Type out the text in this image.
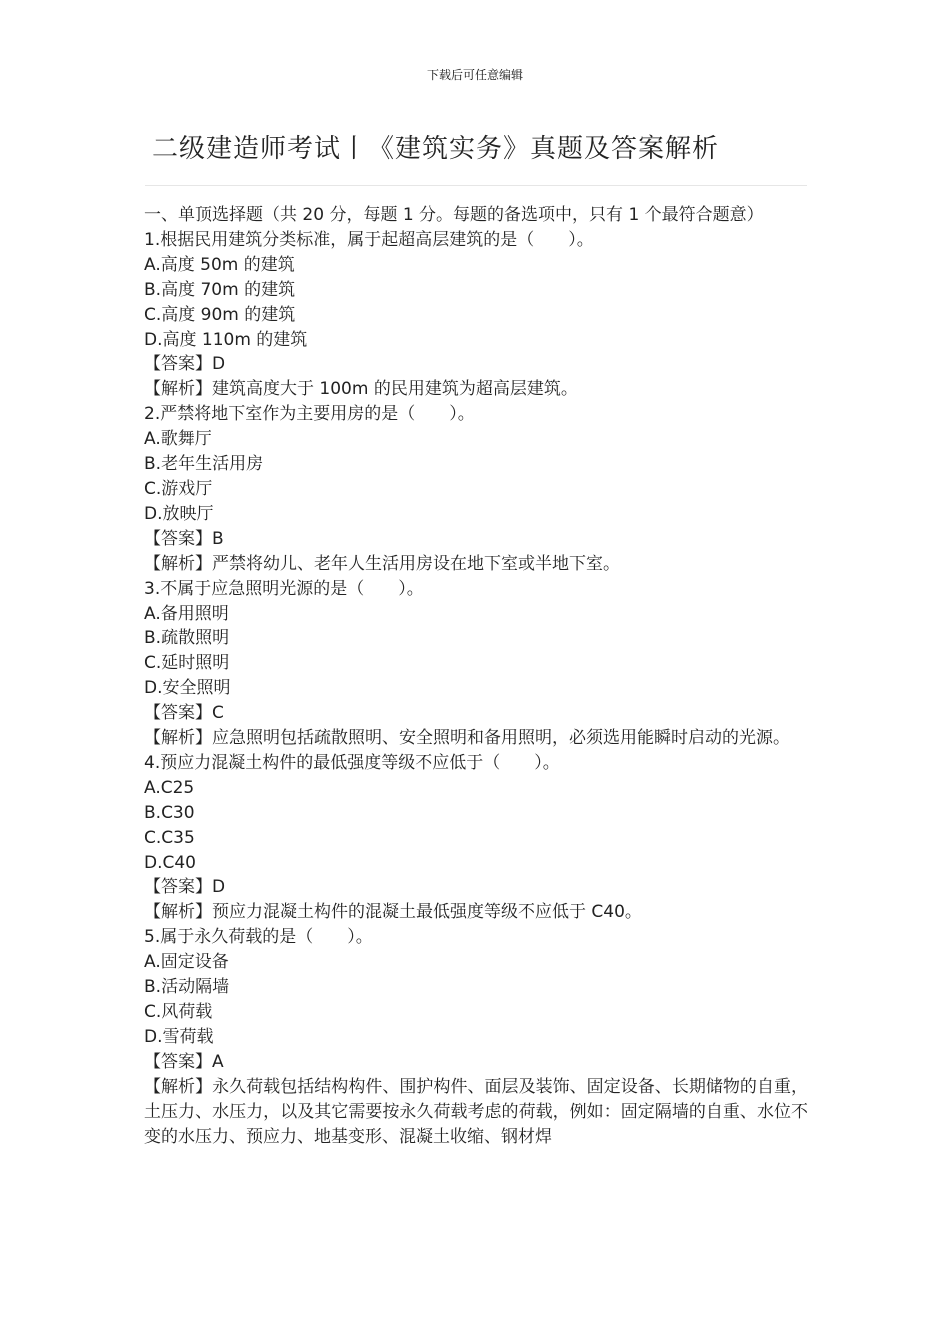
下载后可任意编辑
二级建造师考试丨《建筑实务》真题及答案解析

一、单顶选择题（共 20 分，每题 1 分。每题的备选项中，只有 1 个最符合题意）

1.根据民用建筑分类标准，属于起超高层建筑的是（　　）。

A.高度 50m 的建筑

B.高度 70m 的建筑

C.高度 90m 的建筑

D.高度 110m 的建筑

【答案】D

【解析】建筑高度大于 100m 的民用建筑为超高层建筑。

2.严禁将地下室作为主要用房的是（　　）。

A.歌舞厅

B.老年生活用房

C.游戏厅

D.放映厅

【答案】B

【解析】严禁将幼儿、老年人生活用房设在地下室或半地下室。

3.不属于应急照明光源的是（　　）。

A.备用照明

B.疏散照明

C.延时照明

D.安全照明

【答案】C

【解析】应急照明包括疏散照明、安全照明和备用照明，必须选用能瞬时启动的光源。

4.预应力混凝土构件的最低强度等级不应低于（　　）。

A.C25

B.C30

C.C35

D.C40

【答案】D

【解析】预应力混凝土构件的混凝土最低强度等级不应低于 C40。

5.属于永久荷载的是（　　）。

A.固定设备

B.活动隔墙

C.风荷载

D.雪荷载

【答案】A

【解析】永久荷载包括结构构件、围护构件、面层及装饰、固定设备、长期储物的自重，土压力、水压力，以及其它需要按永久荷载考虑的荷载，例如：固定隔墙的自重、水位不变的水压力、预应力、地基变形、混凝土收缩、钢材焊
